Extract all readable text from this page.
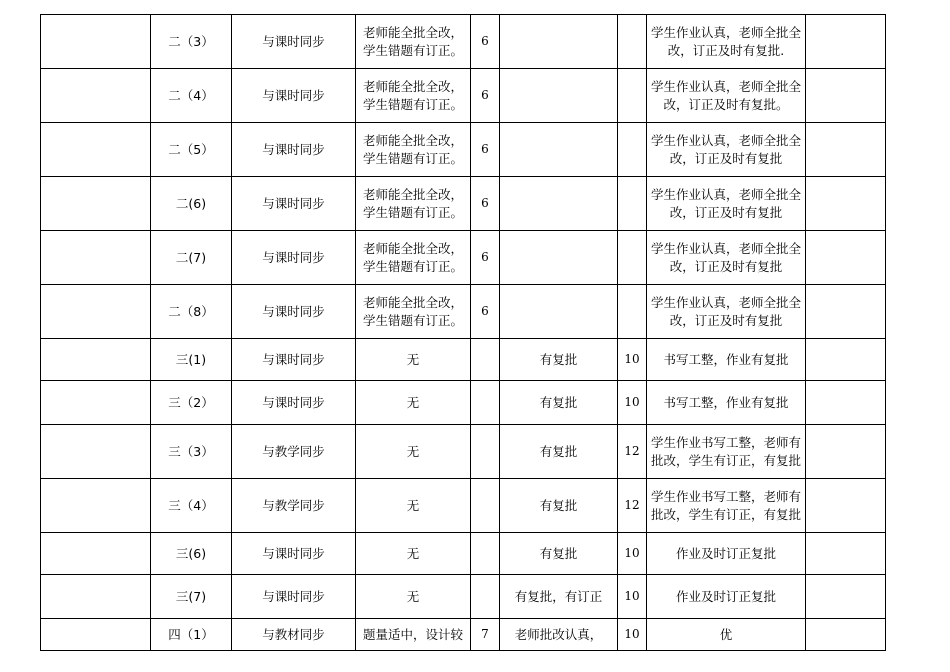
	二（3）	与课时同步	老师能全批全改，学生错题有订正。	6			学生作业认真，老师全批全改，订正及时有复批.	
	二（4）	与课时同步	老师能全批全改，学生错题有订正。	6			学生作业认真，老师全批全改，订正及时有复批。	
	二（5）	与课时同步	老师能全批全改，学生错题有订正。	6			学生作业认真，老师全批全改，订正及时有复批	
	二(6)	与课时同步	老师能全批全改，学生错题有订正。	6			学生作业认真，老师全批全改，订正及时有复批	
	二(7)	与课时同步	老师能全批全改，学生错题有订正。	6			学生作业认真，老师全批全改，订正及时有复批	
	二（8）	与课时同步	老师能全批全改，学生错题有订正。	6			学生作业认真，老师全批全改，订正及时有复批	
	三(1)	与课时同步	无		有复批	10	书写工整，作业有复批	
	三（2）	与课时同步	无		有复批	10	书写工整，作业有复批	
	三（3）	与教学同步	无		有复批	12	学生作业书写工整，老师有批改，学生有订正，有复批	
	三（4）	与教学同步	无		有复批	12	学生作业书写工整，老师有批改，学生有订正，有复批	
	三(6)	与课时同步	无		有复批	10	作业及时订正复批	
	三(7)	与课时同步	无		有复批，有订正	10	作业及时订正复批	
	四（1）	与教材同步	题量适中，设计较	7	老师批改认真，	10	优	
